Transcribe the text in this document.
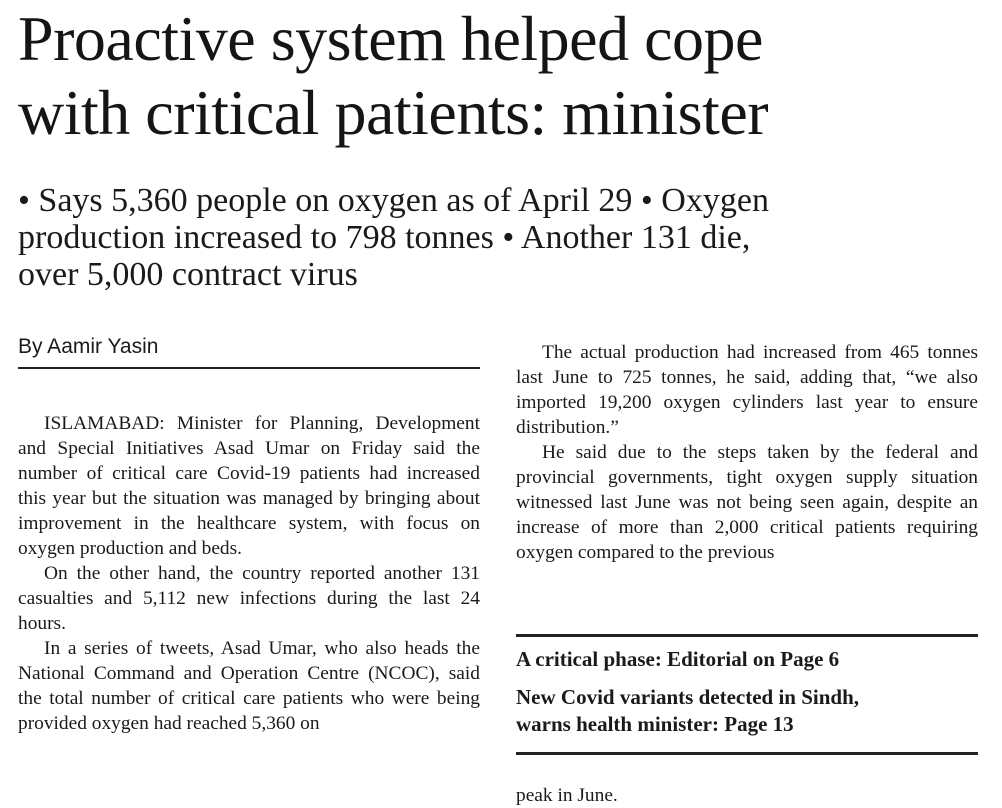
Proactive system helped cope
with critical patients: minister
• Says 5,360 people on oxygen as of April 29 • Oxygen
production increased to 798 tonnes • Another 131 die,
over 5,000 contract virus
By Aamir Yasin

ISLAMABAD: Minister for Planning, Development and Special Initiatives Asad Umar on Friday said the number of critical care Covid-19 patients had increased this year but the situation was managed by bringing about improvement in the healthcare system, with focus on oxygen production and beds.

On the other hand, the country reported another 131 casualties and 5,112 new infections during the last 24 hours.

In a series of tweets, Asad Umar, who also heads the National Command and Operation Centre (NCOC), said the total number of critical care patients who were being provided oxygen had reached 5,360 on

The actual production had increased from 465 tonnes last June to 725 tonnes, he said, adding that, “we also imported 19,200 oxygen cylinders last year to ensure distribution.”

He said due to the steps taken by the federal and provincial governments, tight oxygen supply situation witnessed last June was not being seen again, despite an increase of more than 2,000 critical patients requiring oxygen compared to the previous

A critical phase: Editorial on Page 6
New Covid variants detected in Sindh,
warns health minister: Page 13
peak in June.
